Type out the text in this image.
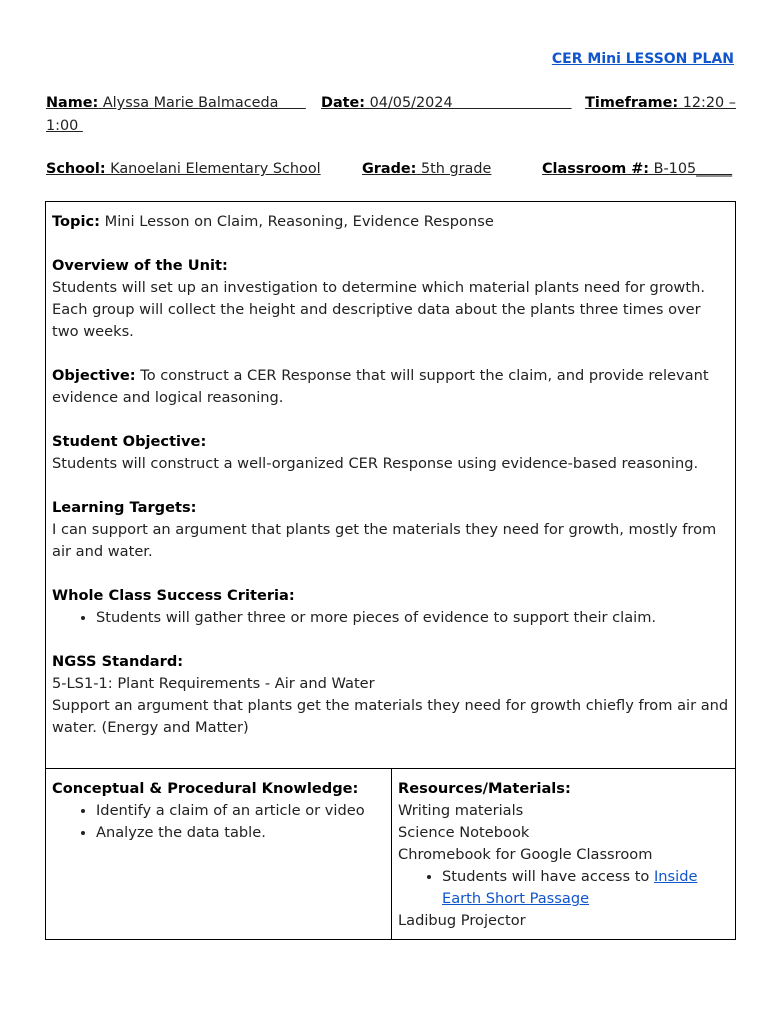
CER Mini LESSON PLAN
Name: Alyssa Marie Balmaceda        Date: 04/05/2024 Timeframe: 12:20 –
1:00
School: Kanoelani Elementary School	Grade: 5th grade	Classroom #: B-105_____

Topic: Mini Lesson on Claim, Reasoning, Evidence Response

Overview of the Unit:

Students will set up an investigation to determine which material plants need for growth. Each group will collect the height and descriptive data about the plants three times over two weeks.

Objective: To construct a CER Response that will support the claim, and provide relevant evidence and logical reasoning.

Student Objective:

Students will construct a well-organized CER Response using evidence-based reasoning.

Learning Targets:

I can support an argument that plants get the materials they need for growth, mostly from air and water.

Whole Class Success Criteria:

• Students will gather three or more pieces of evidence to support their claim.

NGSS Standard:

5-LS1-1: Plant Requirements - Air and Water

Support an argument that plants get the materials they need for growth chiefly from air and water. (Energy and Matter)

Conceptual & Procedural Knowledge:

• Identify a claim of an article or video
• Analyze the data table.

Resources/Materials:

Writing materials

Science Notebook

Chromebook for Google Classroom

• Students will have access to Inside Earth Short Passage

Ladibug Projector
